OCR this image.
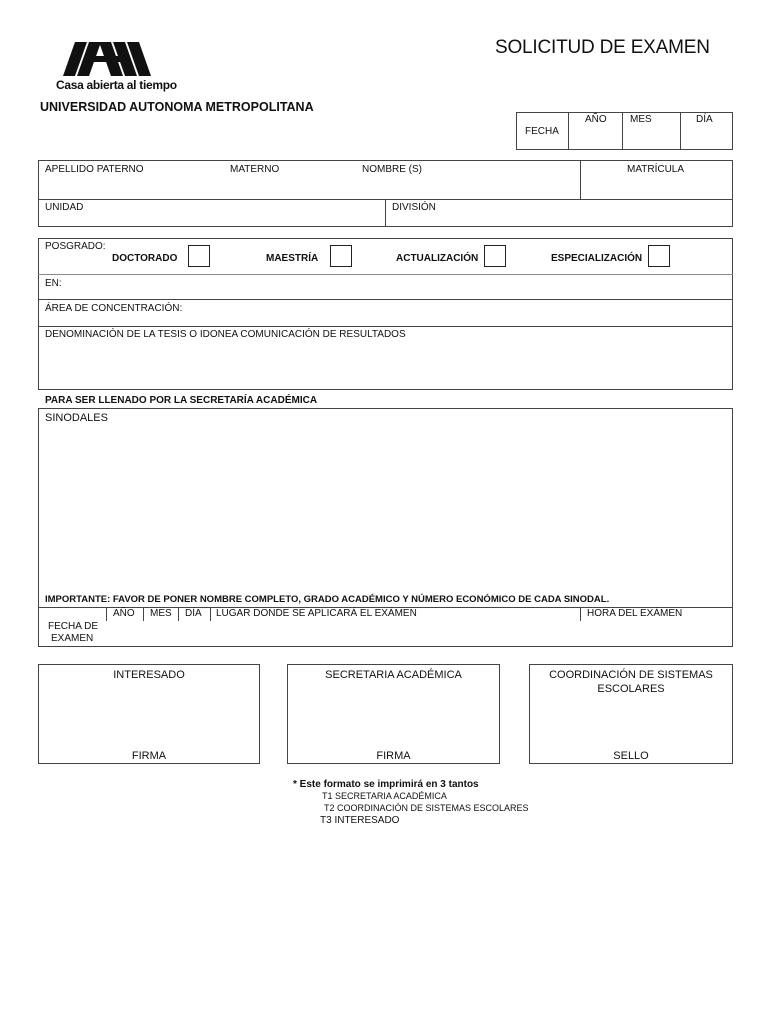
Casa abierta al tiempo
SOLICITUD DE EXAMEN
UNIVERSIDAD AUTONOMA METROPOLITANA
FECHA
AÑO MES	DÍA
APELLIDO PATERNO	MATERNO	NOMBRE (S)	MATRÍCULA
UNIDAD	DIVISIÓN
POSGRADO:
DOCTORADO	MAESTRÍA	ACTUALIZACIÓN	ESPECIALIZACIÓN
EN:
ÁREA DE CONCENTRACIÓN:
DENOMINACIÓN DE LA TESIS O IDONEA COMUNICACIÓN DE RESULTADOS
PARA SER LLENADO POR LA SECRETARÍA ACADÉMICA
SINODALES
IMPORTANTE: FAVOR DE PONER NOMBRE COMPLETO, GRADO ACADÉMICO Y NÚMERO ECONÓMICO DE CADA SINODAL.
AÑO MES DÍA LUGAR DONDE SE APLICARÁ EL EXÁMEN	HORA DEL EXÁMEN
FECHA DE
EXAMEN
INTERESADO
FIRMA
SECRETARIA ACADÉMICA
FIRMA
COORDINACIÓN DE SISTEMAS
ESCOLARES
SELLO
* Este formato se imprimirá en 3 tantos
T1 SECRETARIA ACADÉMICA
T2 COORDINACIÓN DE SISTEMAS ESCOLARES
T3 INTERESADO
